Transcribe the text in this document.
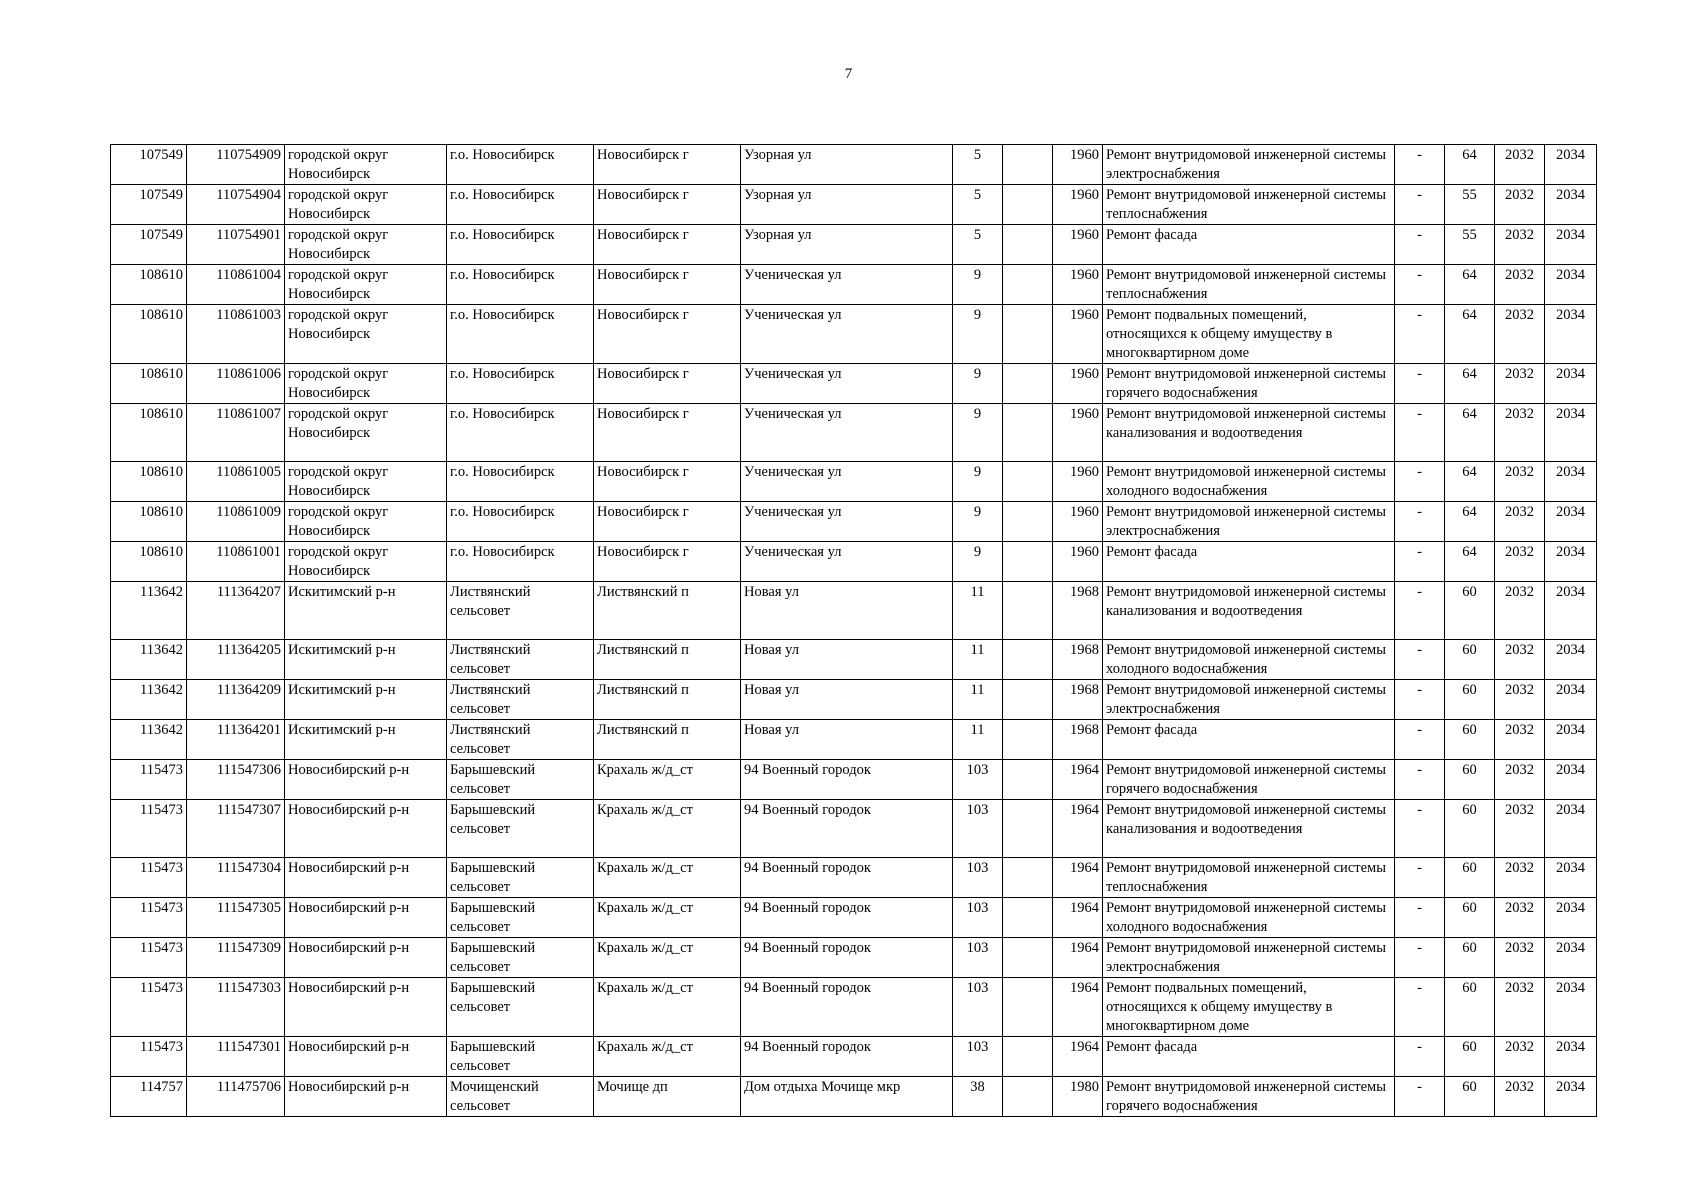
7
107549	110754909	городской округ Новосибирск	г.о. Новосибирск	Новосибирск г	Узорная ул	5		1960	Ремонт внутридомовой инженерной системы электроснабжения	-	64	2032	2034
107549	110754904	городской округ Новосибирск	г.о. Новосибирск	Новосибирск г	Узорная ул	5		1960	Ремонт внутридомовой инженерной системы теплоснабжения	-	55	2032	2034
107549	110754901	городской округ Новосибирск	г.о. Новосибирск	Новосибирск г	Узорная ул	5		1960	Ремонт фасада	-	55	2032	2034
108610	110861004	городской округ Новосибирск	г.о. Новосибирск	Новосибирск г	Ученическая ул	9		1960	Ремонт внутридомовой инженерной системы теплоснабжения	-	64	2032	2034
108610	110861003	городской округ Новосибирск	г.о. Новосибирск	Новосибирск г	Ученическая ул	9		1960	Ремонт подвальных помещений, относящихся к общему имуществу в многоквартирном доме	-	64	2032	2034
108610	110861006	городской округ Новосибирск	г.о. Новосибирск	Новосибирск г	Ученическая ул	9		1960	Ремонт внутридомовой инженерной системы горячего водоснабжения	-	64	2032	2034
108610	110861007	городской округ Новосибирск	г.о. Новосибирск	Новосибирск г	Ученическая ул	9		1960	Ремонт внутридомовой инженерной системы канализования и водоотведения	-	64	2032	2034
108610	110861005	городской округ Новосибирск	г.о. Новосибирск	Новосибирск г	Ученическая ул	9		1960	Ремонт внутридомовой инженерной системы холодного водоснабжения	-	64	2032	2034
108610	110861009	городской округ Новосибирск	г.о. Новосибирск	Новосибирск г	Ученическая ул	9		1960	Ремонт внутридомовой инженерной системы электроснабжения	-	64	2032	2034
108610	110861001	городской округ Новосибирск	г.о. Новосибирск	Новосибирск г	Ученическая ул	9		1960	Ремонт фасада	-	64	2032	2034
113642	111364207	Искитимский р-н	Листвянский сельсовет	Листвянский п	Новая ул	11		1968	Ремонт внутридомовой инженерной системы канализования и водоотведения	-	60	2032	2034
113642	111364205	Искитимский р-н	Листвянский сельсовет	Листвянский п	Новая ул	11		1968	Ремонт внутридомовой инженерной системы холодного водоснабжения	-	60	2032	2034
113642	111364209	Искитимский р-н	Листвянский сельсовет	Листвянский п	Новая ул	11		1968	Ремонт внутридомовой инженерной системы электроснабжения	-	60	2032	2034
113642	111364201	Искитимский р-н	Листвянский сельсовет	Листвянский п	Новая ул	11		1968	Ремонт фасада	-	60	2032	2034
115473	111547306	Новосибирский р-н	Барышевский сельсовет	Крахаль ж/д_ст	94 Военный городок	103		1964	Ремонт внутридомовой инженерной системы горячего водоснабжения	-	60	2032	2034
115473	111547307	Новосибирский р-н	Барышевский сельсовет	Крахаль ж/д_ст	94 Военный городок	103		1964	Ремонт внутридомовой инженерной системы канализования и водоотведения	-	60	2032	2034
115473	111547304	Новосибирский р-н	Барышевский сельсовет	Крахаль ж/д_ст	94 Военный городок	103		1964	Ремонт внутридомовой инженерной системы теплоснабжения	-	60	2032	2034
115473	111547305	Новосибирский р-н	Барышевский сельсовет	Крахаль ж/д_ст	94 Военный городок	103		1964	Ремонт внутридомовой инженерной системы холодного водоснабжения	-	60	2032	2034
115473	111547309	Новосибирский р-н	Барышевский сельсовет	Крахаль ж/д_ст	94 Военный городок	103		1964	Ремонт внутридомовой инженерной системы электроснабжения	-	60	2032	2034
115473	111547303	Новосибирский р-н	Барышевский сельсовет	Крахаль ж/д_ст	94 Военный городок	103		1964	Ремонт подвальных помещений, относящихся к общему имуществу в многоквартирном доме	-	60	2032	2034
115473	111547301	Новосибирский р-н	Барышевский сельсовет	Крахаль ж/д_ст	94 Военный городок	103		1964	Ремонт фасада	-	60	2032	2034
114757	111475706	Новосибирский р-н	Мочищенский сельсовет	Мочище дп	Дом отдыха Мочище мкр	38		1980	Ремонт внутридомовой инженерной системы горячего водоснабжения	-	60	2032	2034
